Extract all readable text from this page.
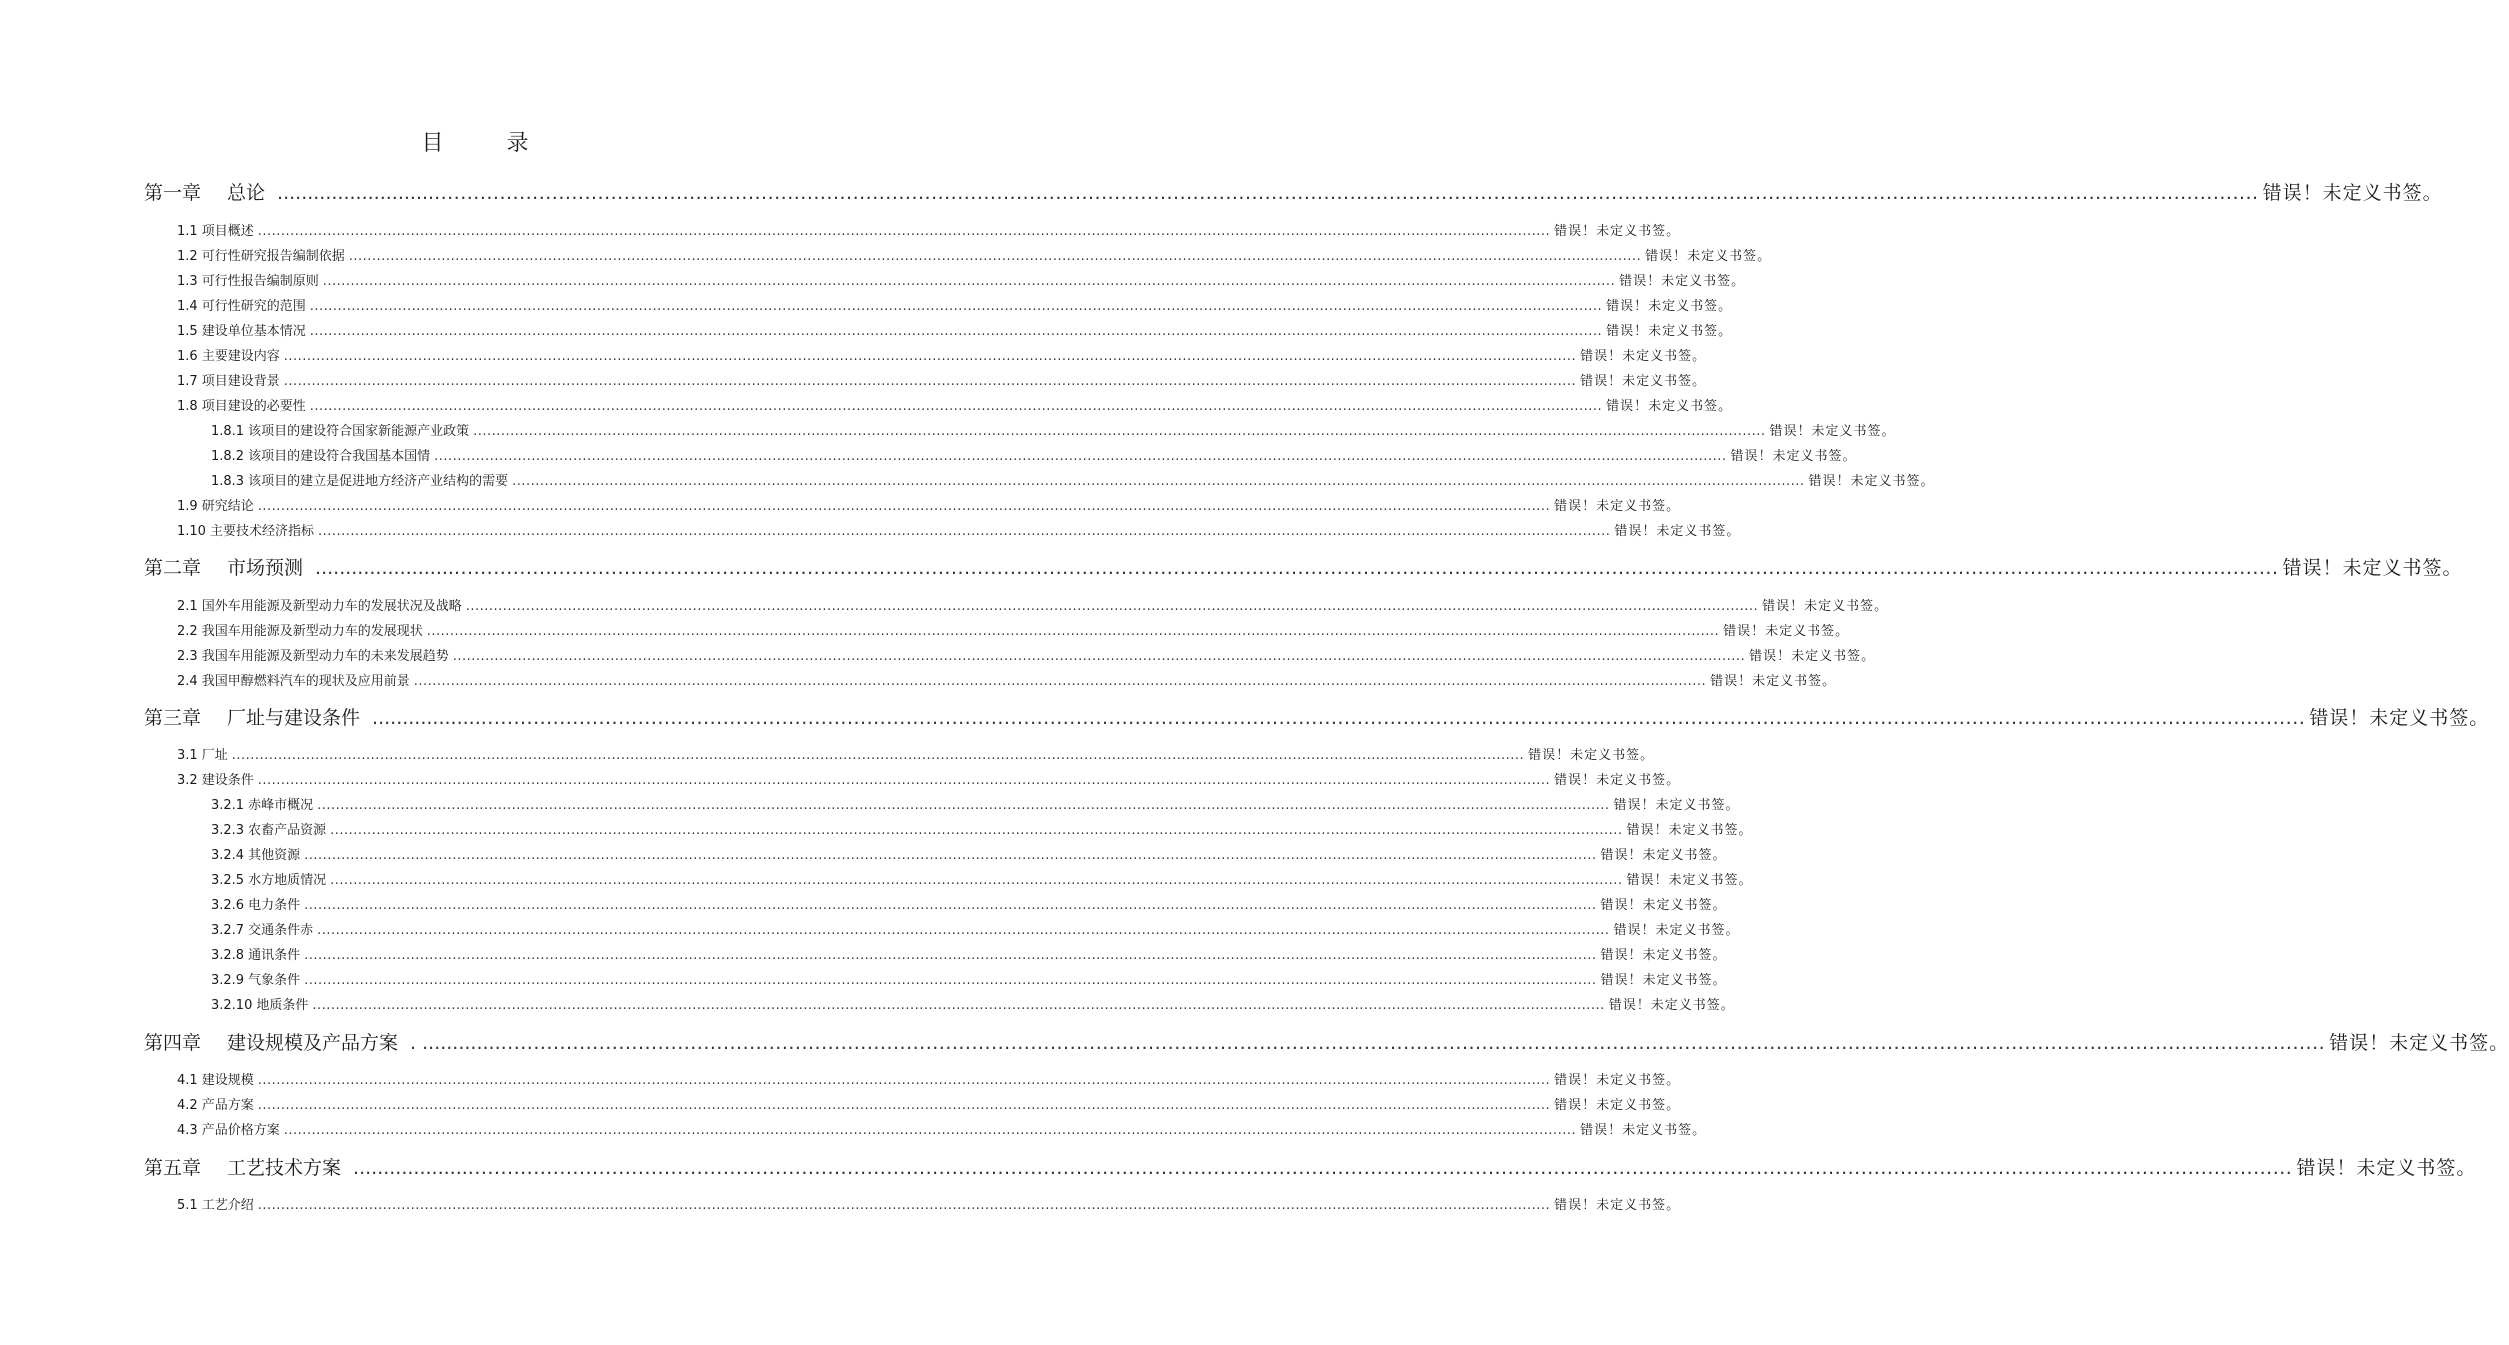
目 录
第一章 总论 .......................... .....	错误！未定义书签。
1.1 项目概述 .....	错误！未定义书签。
1.2 可行性研究报告编制依据 .....	错误！未定义书签。
1.3 可行性报告编制原则 .....	错误！未定义书签。
1.4 可行性研究的范围 .....	错误！未定义书签。
1.5 建设单位基本情况 .....	错误！未定义书签。
1.6 主要建设内容 .....	错误！未定义书签。
1.7 项目建设背景 .....	错误！未定义书签。
1.8 项目建设的必要性 .....	错误！未定义书签。
1.8.1 该项目的建设符合国家新能源产业政策 .....	错误！未定义书签。
1.8.2 该项目的建设符合我国基本国情 .....	错误！未定义书签。
1.8.3 该项目的建立是促进地方经济产业结构的需要 .....	错误！未定义书签。
1.9 研究结论 .....	错误！未定义书签。
1.10 主要技术经济指标 .....	错误！未定义书签。
第二章 市场预测 ....................... .....	错误！未定义书签。
2.1 国外车用能源及新型动力车的发展状况及战略 .....	错误！未定义书签。
2.2 我国车用能源及新型动力车的发展现状 .....	错误！未定义书签。
2.3 我国车用能源及新型动力车的未来发展趋势 .....	错误！未定义书签。
2.4 我国甲醇燃料汽车的现状及应用前景 .....	错误！未定义书签。
第三章 厂址与建设条件 .................. .....	错误！未定义书签。
3.1 厂址 .....	错误！未定义书签。
3.2 建设条件 .....	错误！未定义书签。
3.2.1 赤峰市概况 .....	错误！未定义书签。
3.2.3 农畜产品资源 .....	错误！未定义书签。
3.2.4 其他资源 .....	错误！未定义书签。
3.2.5 水方地质情况 .....	错误！未定义书签。
3.2.6 电力条件 .....	错误！未定义书签。
3.2.7 交通条件赤 .....	错误！未定义书签。
3.2.8 通讯条件 .....	错误！未定义书签。
3.2.9 气象条件 .....	错误！未定义书签。
3.2.10 地质条件 .....	错误！未定义书签。
第四章 建设规模及产品方案 . ............. .....	错误！未定义书签。
4.1 建设规模 .....	错误！未定义书签。
4.2 产品方案 .....	错误！未定义书签。
4.3 产品价格方案 .....	错误！未定义书签。
第五章 工艺技术方案 ................... .....	错误！未定义书签。
5.1 工艺介绍 .....	错误！未定义书签。
